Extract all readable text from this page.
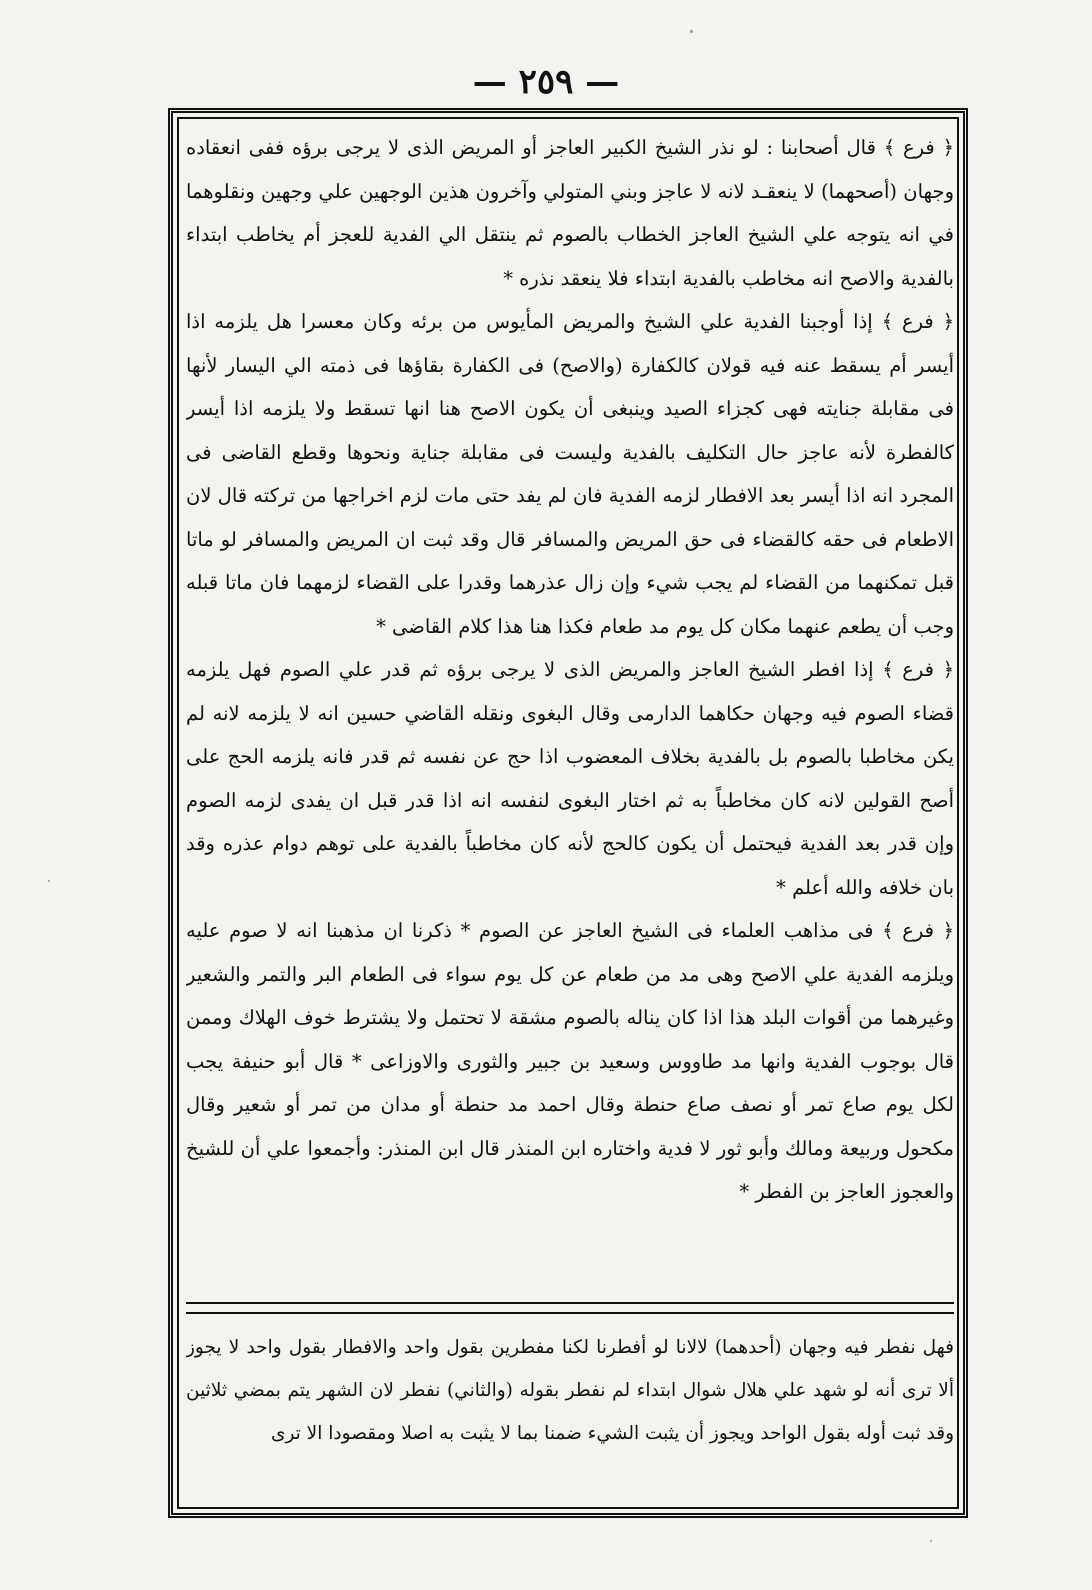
— ٢٥٩ —

﴿ فرع ﴾ قال أصحابنا : لو نذر الشيخ الكبير العاجز أو المريض الذى لا يرجى برؤه ففى انعقاده وجهان (أصحهما) لا ينعقـد لانه لا عاجز وبني المتولي وآخرون هذين الوجهين علي وجهين ونقلوهما في انه يتوجه علي الشيخ العاجز الخطاب بالصوم ثم ينتقل الي الفدية للعجز أم يخاطب ابتداء بالفدية والاصح انه مخاطب بالفدية ابتداء فلا ينعقد نذره *

﴿ فرع ﴾ إذا أوجبنا الفدية علي الشيخ والمريض المأيوس من برئه وكان معسرا هل يلزمه اذا أيسر أم يسقط عنه فيه قولان كالكفارة (والاصح) فى الكفارة بقاؤها فى ذمته الي اليسار لأنها فى مقابلة جنايته فهى كجزاء الصيد وينبغى أن يكون الاصح هنا انها تسقط ولا يلزمه اذا أيسر كالفطرة لأنه عاجز حال التكليف بالفدية وليست فى مقابلة جناية ونحوها وقطع القاضى فى المجرد انه اذا أيسر بعد الافطار لزمه الفدية فان لم يفد حتى مات لزم اخراجها من تركته قال لان الاطعام فى حقه كالقضاء فى حق المريض والمسافر قال وقد ثبت ان المريض والمسافر لو ماتا قبل تمكنهما من القضاء لم يجب شيء وإن زال عذرهما وقدرا على القضاء لزمهما فان ماتا قبله وجب أن يطعم عنهما مكان كل يوم مد طعام فكذا هنا هذا كلام القاضى *

﴿ فرع ﴾ إذا افطر الشيخ العاجز والمريض الذى لا يرجى برؤه ثم قدر علي الصوم فهل يلزمه قضاء الصوم فيه وجهان حكاهما الدارمى وقال البغوى ونقله القاضي حسين انه لا يلزمه لانه لم يكن مخاطبا بالصوم بل بالفدية بخلاف المعضوب اذا حج عن نفسه ثم قدر فانه يلزمه الحج على أصح القولين لانه كان مخاطباً به ثم اختار البغوى لنفسه انه اذا قدر قبل ان يفدى لزمه الصوم وإن قدر بعد الفدية فيحتمل أن يكون كالحج لأنه كان مخاطباً بالفدية على توهم دوام عذره وقد بان خلافه والله أعلم *

﴿ فرع ﴾ فى مذاهب العلماء فى الشيخ العاجز عن الصوم * ذكرنا ان مذهبنا انه لا صوم عليه ويلزمه الفدية علي الاصح وهى مد من طعام عن كل يوم سواء فى الطعام البر والتمر والشعير وغيرهما من أقوات البلد هذا اذا كان يناله بالصوم مشقة لا تحتمل ولا يشترط خوف الهلاك وممن قال بوجوب الفدية وانها مد طاووس وسعيد بن جبير والثورى والاوزاعى * قال أبو حنيفة يجب لكل يوم صاع تمر أو نصف صاع حنطة وقال احمد مد حنطة أو مدان من تمر أو شعير وقال مكحول وربيعة ومالك وأبو ثور لا فدية واختاره ابن المنذر قال ابن المنذر: وأجمعوا علي أن للشيخ والعجوز العاجز بن الفطر *

فهل نفطر فيه وجهان (أحدهما) لالانا لو أفطرنا لكنا مفطرين بقول واحد والافطار بقول واحد لا يجوز ألا ترى أنه لو شهد علي هلال شوال ابتداء لم نفطر بقوله (والثاني) نفطر لان الشهر يتم بمضي ثلاثين وقد ثبت أوله بقول الواحد ويجوز أن يثبت الشيء ضمنا بما لا يثبت به اصلا ومقصودا الا ترى
